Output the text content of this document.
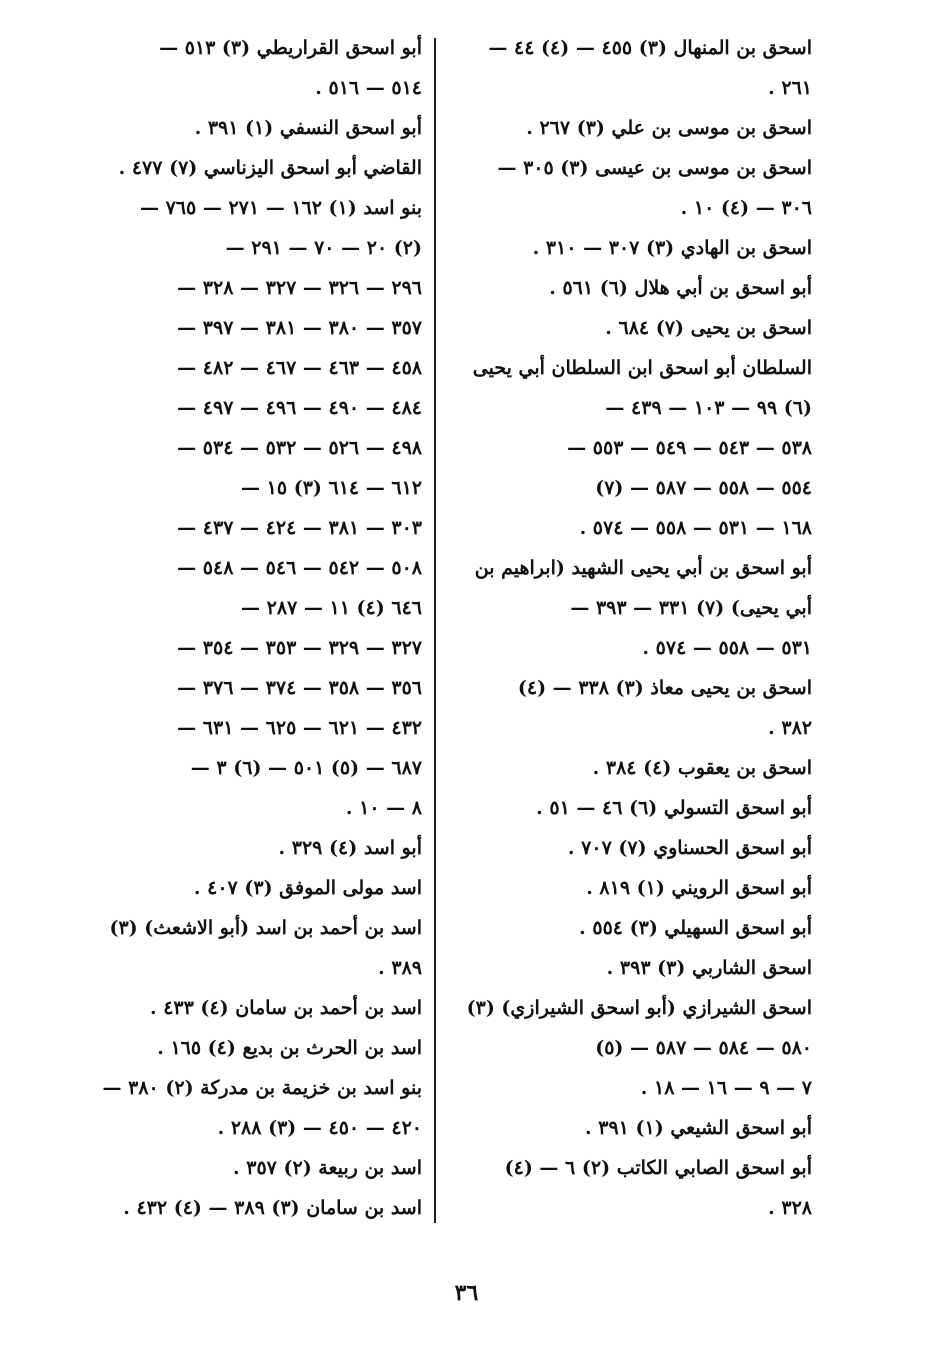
اسحق بن المنهال (٣) ٤٥٥ — (٤) ٤٤ —
٢٦١ .
اسحق بن موسى بن علي (٣) ٢٦٧ .
اسحق بن موسى بن عيسى (٣) ٣٠٥ —
٣٠٦ — (٤) ١٠ .
اسحق بن الهادي (٣) ٣٠٧ — ٣١٠ .
أبو اسحق بن أبي هلال (٦) ٥٦١ .
اسحق بن يحيى (٧) ٦٨٤ .
السلطان أبو اسحق ابن السلطان أبي يحيى
(٦) ٩٩ — ١٠٣ — ٤٣٩ —
٥٣٨ — ٥٤٣ — ٥٤٩ — ٥٥٣ —
٥٥٤ — ٥٥٨ — ٥٨٧ — (٧)
١٦٨ — ٥٣١ — ٥٥٨ — ٥٧٤ .
أبو اسحق بن أبي يحيى الشهيد (ابراهيم بن
أبي يحيى) (٧) ٣٣١ — ٣٩٣ —
٥٣١ — ٥٥٨ — ٥٧٤ .
اسحق بن يحيى معاذ (٣) ٣٣٨ — (٤)
٣٨٢ .
اسحق بن يعقوب (٤) ٣٨٤ .
أبو اسحق التسولي (٦) ٤٦ — ٥١ .
أبو اسحق الحسناوي (٧) ٧٠٧ .
أبو اسحق الرويني (١) ٨١٩ .
أبو اسحق السهيلي (٣) ٥٥٤ .
اسحق الشاربي (٣) ٣٩٣ .
اسحق الشيرازي (أبو اسحق الشيرازي) (٣)
٥٨٠ — ٥٨٤ — ٥٨٧ — (٥)
٧ — ٩ — ١٦ — ١٨ .
أبو اسحق الشيعي (١) ٣٩١ .
أبو اسحق الصابي الكاتب (٢) ٦ — (٤)
٣٢٨ .
أبو اسحق القراريطي (٣) ٥١٣ —
٥١٤ — ٥١٦ .
أبو اسحق النسفي (١) ٣٩١ .
القاضي أبو اسحق اليزناسي (٧) ٤٧٧ .
بنو اسد (١) ١٦٢ — ٢٧١ — ٧٦٥ —
(٢) ٢٠ — ٧٠ — ٢٩١ —
٢٩٦ — ٣٢٦ — ٣٢٧ — ٣٢٨ —
٣٥٧ — ٣٨٠ — ٣٨١ — ٣٩٧ —
٤٥٨ — ٤٦٣ — ٤٦٧ — ٤٨٢ —
٤٨٤ — ٤٩٠ — ٤٩٦ — ٤٩٧ —
٤٩٨ — ٥٢٦ — ٥٣٢ — ٥٣٤ —
٦١٢ — ٦١٤ (٣) ١٥ —
٣٠٣ — ٣٨١ — ٤٢٤ — ٤٣٧ —
٥٠٨ — ٥٤٢ — ٥٤٦ — ٥٤٨ —
٦٤٦ (٤) ١١ — ٢٨٧ —
٣٢٧ — ٣٢٩ — ٣٥٣ — ٣٥٤ —
٣٥٦ — ٣٥٨ — ٣٧٤ — ٣٧٦ —
٤٣٢ — ٦٢١ — ٦٢٥ — ٦٣١ —
٦٨٧ — (٥) ٥٠١ — (٦) ٣ —
٨ — ١٠ .
أبو اسد (٤) ٣٢٩ .
اسد مولى الموفق (٣) ٤٠٧ .
اسد بن أحمد بن اسد (أبو الاشعث) (٣)
٣٨٩ .
اسد بن أحمد بن سامان (٤) ٤٣٣ .
اسد بن الحرث بن بديع (٤) ١٦٥ .
بنو اسد بن خزيمة بن مدركة (٢) ٣٨٠ —
٤٢٠ — ٤٥٠ — (٣) ٢٨٨ .
اسد بن ربيعة (٢) ٣٥٧ .
اسد بن سامان (٣) ٣٨٩ — (٤) ٤٣٢ .
٣٦
